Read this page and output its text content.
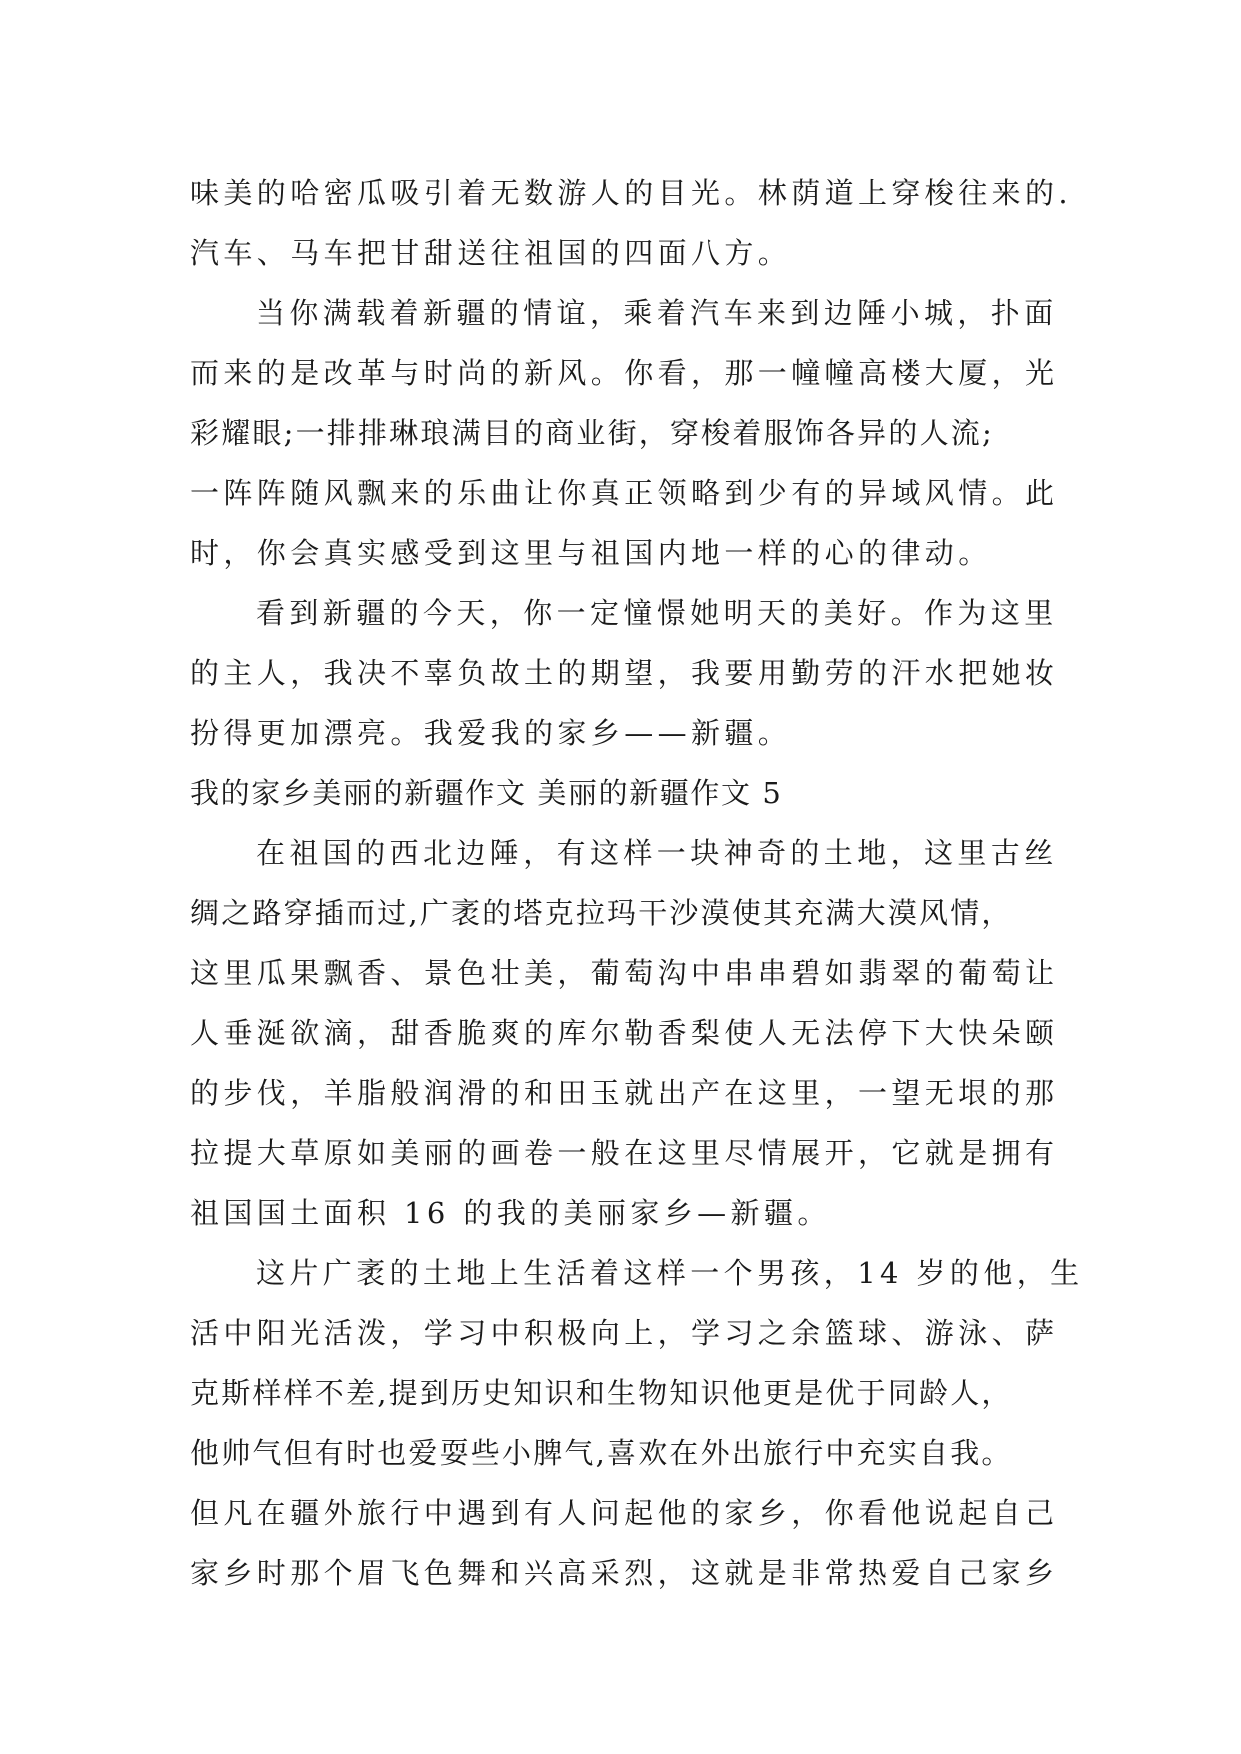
味美的哈密瓜吸引着无数游人的目光。林荫道上穿梭往来的.
汽车、马车把甘甜送往祖国的四面八方。
当你满载着新疆的情谊，乘着汽车来到边陲小城，扑面
而来的是改革与时尚的新风。你看，那一幢幢高楼大厦，光
彩耀眼;一排排琳琅满目的商业街，穿梭着服饰各异的人流;
一阵阵随风飘来的乐曲让你真正领略到少有的异域风情。此
时，你会真实感受到这里与祖国内地一样的心的律动。
看到新疆的今天，你一定憧憬她明天的美好。作为这里
的主人，我决不辜负故土的期望，我要用勤劳的汗水把她妆
扮得更加漂亮。我爱我的家乡——新疆。
我的家乡美丽的新疆作文 美丽的新疆作文 5
在祖国的西北边陲，有这样一块神奇的土地，这里古丝
绸之路穿插而过,广袤的塔克拉玛干沙漠使其充满大漠风情，
这里瓜果飘香、景色壮美，葡萄沟中串串碧如翡翠的葡萄让
人垂涎欲滴，甜香脆爽的库尔勒香梨使人无法停下大快朵颐
的步伐，羊脂般润滑的和田玉就出产在这里，一望无垠的那
拉提大草原如美丽的画卷一般在这里尽情展开，它就是拥有
祖国国土面积 16 的我的美丽家乡—新疆。
这片广袤的土地上生活着这样一个男孩，14 岁的他，生
活中阳光活泼，学习中积极向上，学习之余篮球、游泳、萨
克斯样样不差,提到历史知识和生物知识他更是优于同龄人，
他帅气但有时也爱耍些小脾气,喜欢在外出旅行中充实自我。
但凡在疆外旅行中遇到有人问起他的家乡，你看他说起自己
家乡时那个眉飞色舞和兴高采烈，这就是非常热爱自己家乡
